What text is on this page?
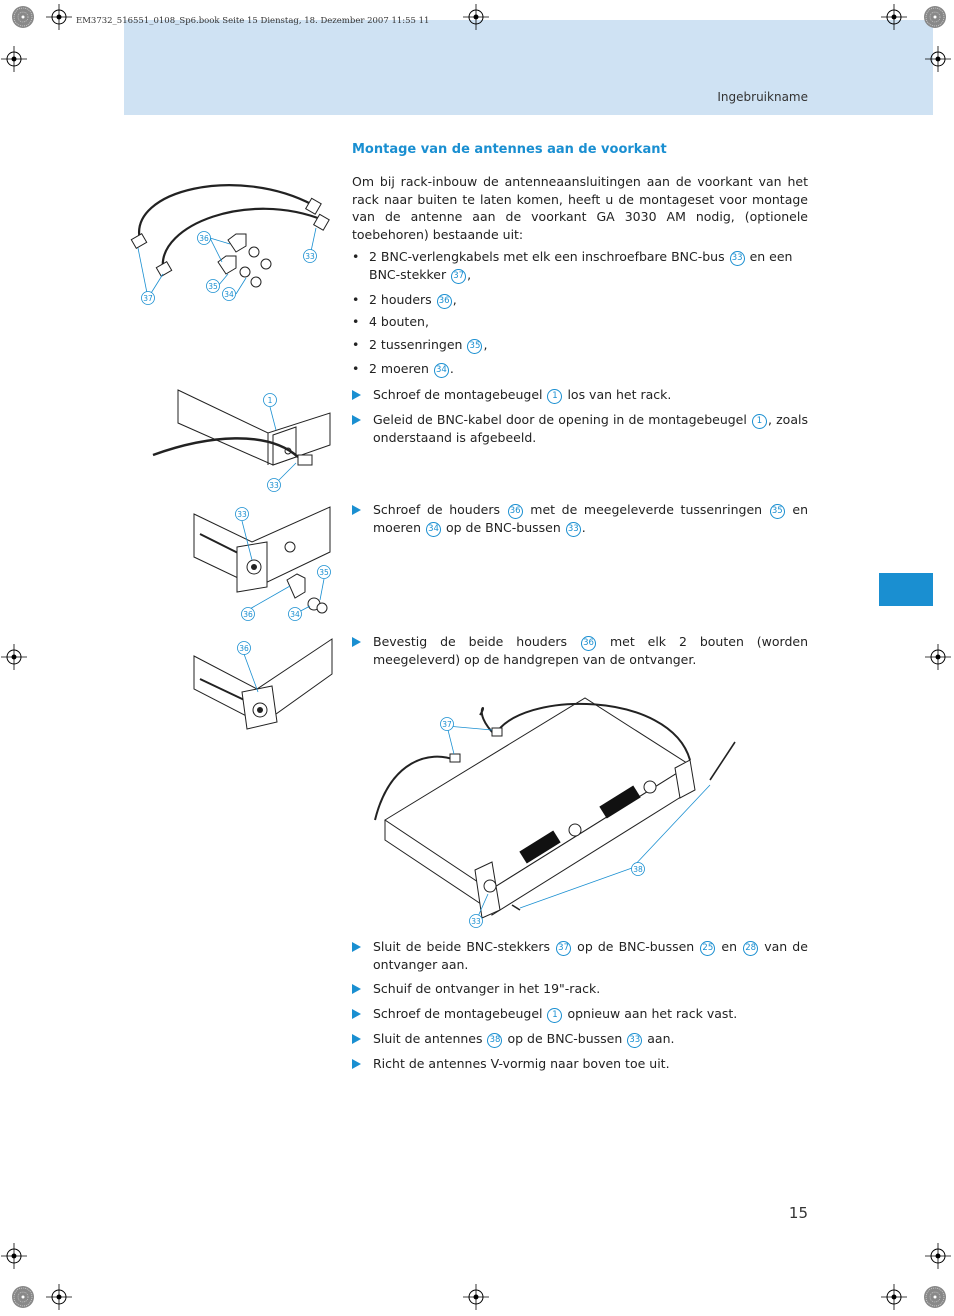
Ingebruikname
EM3732_516551_0108_Sp6.book Seite 15 Dienstag, 18. Dezember 2007 11:55 11
15
Montage van de antennes aan de voorkant
Om bij rack-inbouw de antenneaansluitingen aan de voorkant van het rack naar buiten te laten komen, heeft u de montageset voor montage van de antenne aan de voorkant GA 3030 AM nodig, (optionele toebehoren) bestaande uit:
• 2 BNC-verlengkabels met elk een inschroefbare BNC-bus 33 en een BNC-stekker 37 ,
• 2 houders 36 ,
• 4 bouten,
• 2 tussenringen 35 ,
• 2 moeren 34 .
Schroef de montagebeugel 1 los van het rack.
Geleid de BNC-kabel door de opening in de montagebeugel 1 , zoals onderstaand is afgebeeld.
Schroef de houders 36 met de meegeleverde tussenringen 35 en moeren 34 op de BNC-bussen 33 .
Bevestig de beide houders 36 met elk 2 bouten (worden meegeleverd) op de handgrepen van de ontvanger.
Sluit de beide BNC-stekkers 37 op de BNC-bussen 25 en 28 van de ontvanger aan.
Schuif de ontvanger in het 19"-rack.
Schroef de montagebeugel 1 opnieuw aan het rack vast.
Sluit de antennes 38 op de BNC-bussen 33 aan.
Richt de antennes V-vormig naar boven toe uit.
36
33
35
34
37
1
33
33
35
36	34
36
37
38
33
